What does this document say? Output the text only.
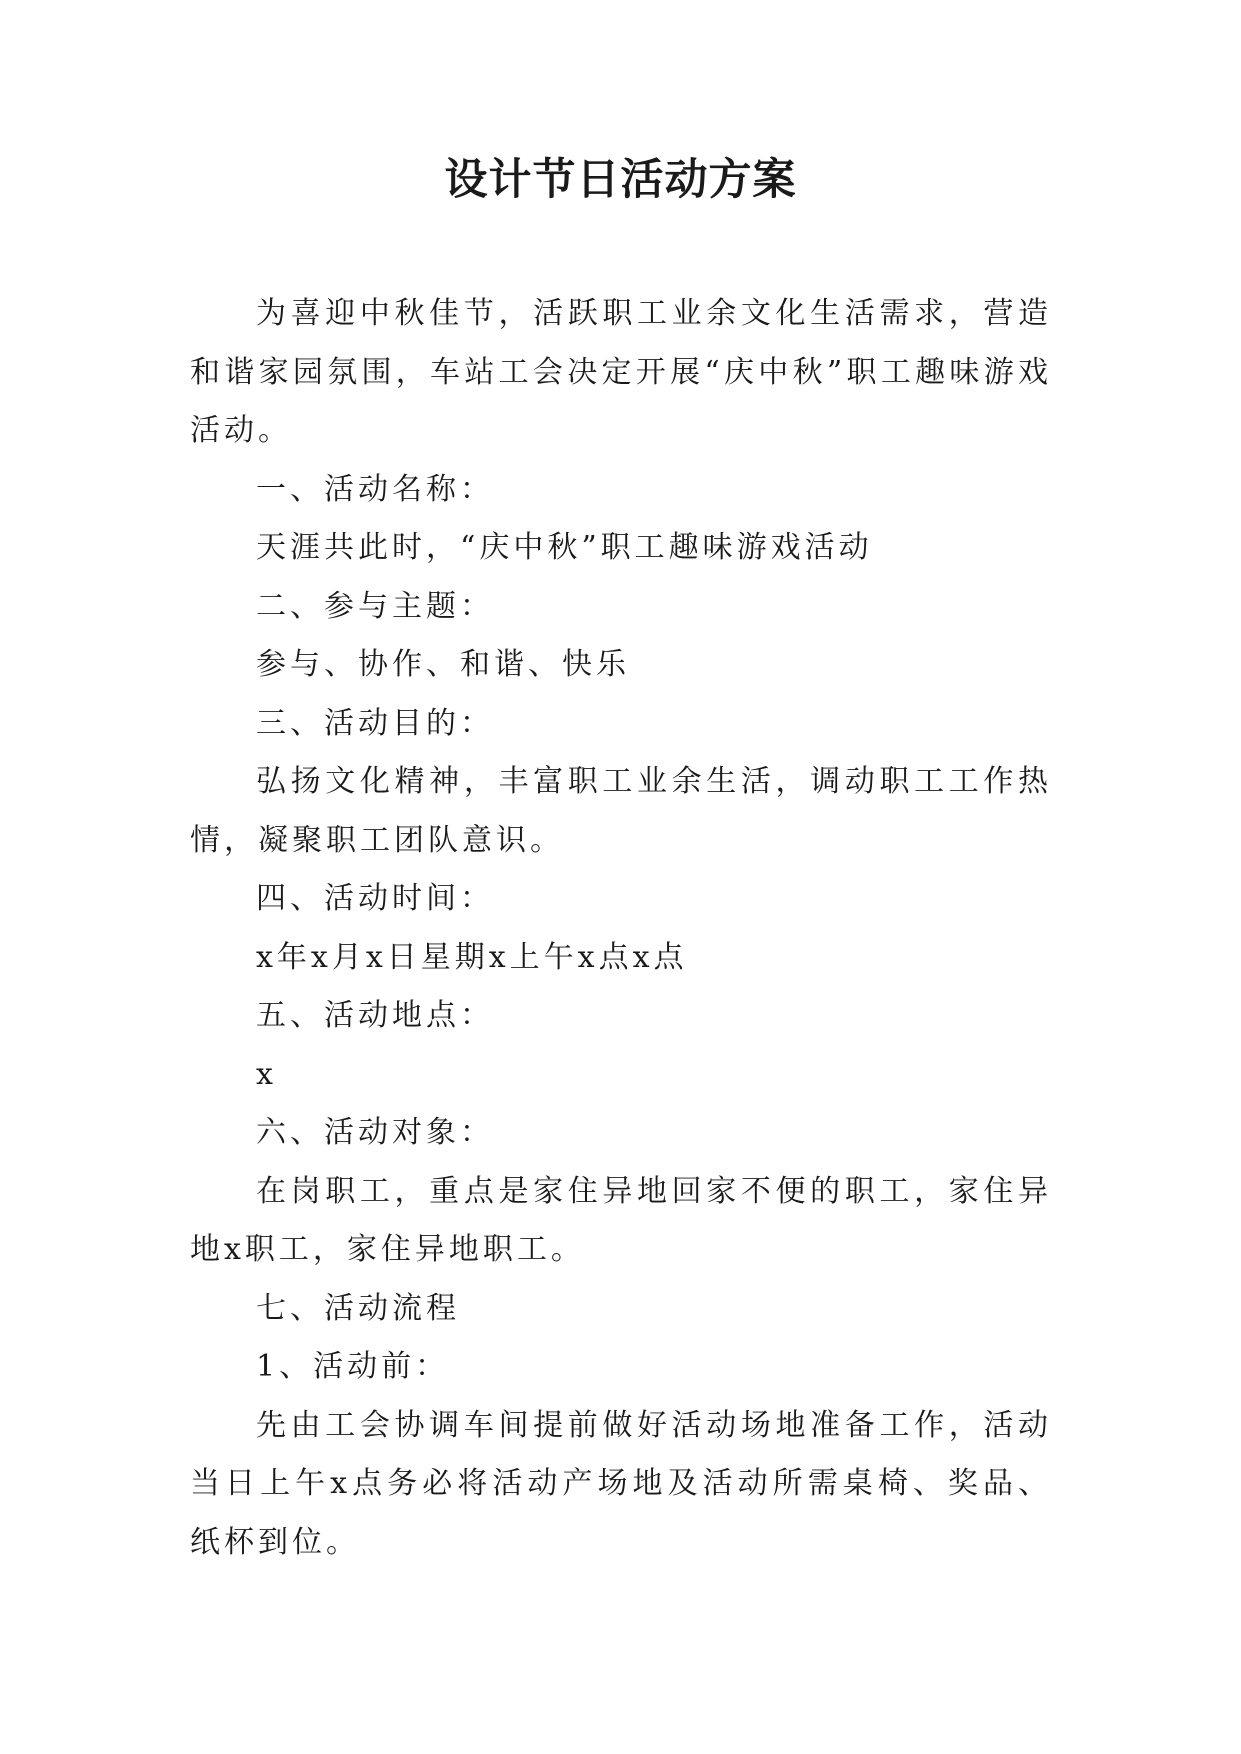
设计节日活动方案

为喜迎中秋佳节，活跃职工业余文化生活需求，营造和谐家园氛围，车站工会决定开展“庆中秋”职工趣味游戏活动。

一、活动名称：

天涯共此时，“庆中秋”职工趣味游戏活动

二、参与主题：

参与、协作、和谐、快乐

三、活动目的：

弘扬文化精神，丰富职工业余生活，调动职工工作热情，凝聚职工团队意识。

四、活动时间：

x年x月x日星期x上午x点x点

五、活动地点：

x

六、活动对象：

在岗职工，重点是家住异地回家不便的职工，家住异地x职工，家住异地职工。

七、活动流程

1、活动前：

先由工会协调车间提前做好活动场地准备工作，活动当日上午x点务必将活动产场地及活动所需桌椅、奖品、纸杯到位。
